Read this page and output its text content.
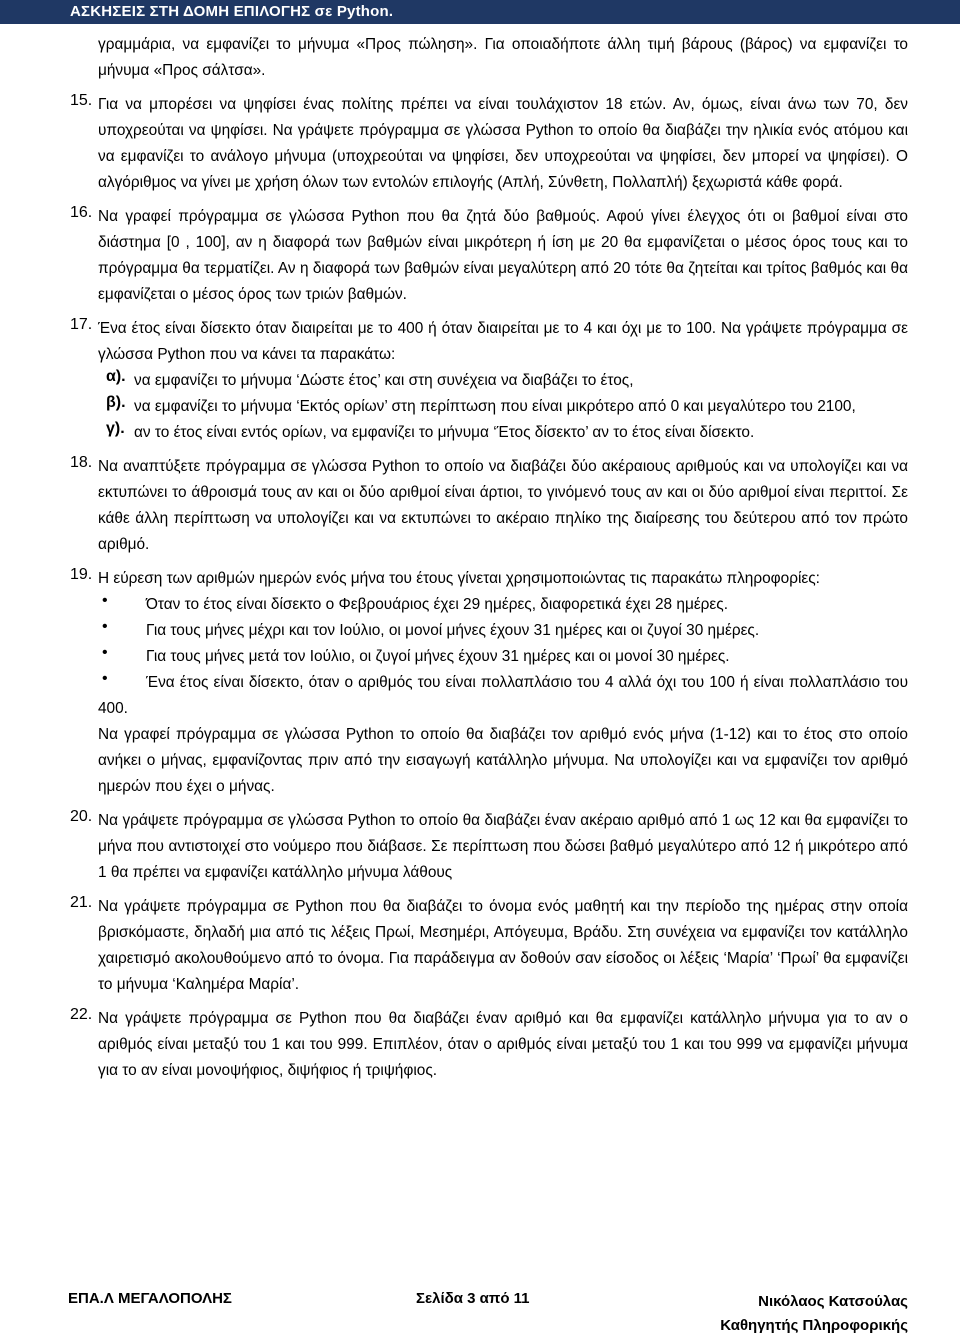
ΑΣΚΗΣΕΙΣ ΣΤΗ ΔΟΜΗ ΕΠΙΛΟΓΗΣ σε Python.

γραμμάρια, να εμφανίζει το μήνυμα «Προς πώληση». Για οποιαδήποτε άλλη τιμή βάρους (βάρος) να εμφανίζει το μήνυμα «Προς σάλτσα».

15. Για να μπορέσει να ψηφίσει ένας πολίτης πρέπει να είναι τουλάχιστον 18 ετών. Αν, όμως, είναι άνω των 70, δεν υποχρεούται να ψηφίσει. Να γράψετε πρόγραμμα σε γλώσσα Python το οποίο θα διαβάζει την ηλικία ενός ατόμου και να εμφανίζει το ανάλογο μήνυμα (υποχρεούται να ψηφίσει, δεν υποχρεούται να ψηφίσει, δεν μπορεί να ψηφίσει). Ο αλγόριθμος να γίνει με χρήση όλων των εντολών επιλογής (Απλή, Σύνθετη, Πολλαπλή) ξεχωριστά κάθε φορά.

16. Να γραφεί πρόγραμμα σε γλώσσα Python που θα ζητά δύο βαθμούς. Αφού γίνει έλεγχος ότι οι βαθμοί είναι στο διάστημα [0 , 100], αν η διαφορά των βαθμών είναι μικρότερη ή ίση με 20 θα εμφανίζεται ο μέσος όρος τους και το πρόγραμμα θα τερματίζει. Αν η διαφορά των βαθμών είναι μεγαλύτερη από 20 τότε θα ζητείται και τρίτος βαθμός και θα εμφανίζεται ο μέσος όρος των τριών βαθμών.

17. Ένα έτος είναι δίσεκτο όταν διαιρείται με το 400 ή όταν διαιρείται με το 4 και όχι με το 100. Να γράψετε πρόγραμμα σε γλώσσα Python που να κάνει τα παρακάτω:

α). να εμφανίζει το μήνυμα ‘Δώστε έτος’ και στη συνέχεια να διαβάζει το έτος,

β). να εμφανίζει το μήνυμα ‘Εκτός ορίων’ στη περίπτωση που είναι μικρότερο από 0 και μεγαλύτερο του 2100,

γ). αν το έτος είναι εντός ορίων, να εμφανίζει το μήνυμα ‘Έτος δίσεκτο’ αν το έτος είναι δίσεκτο.

18. Να αναπτύξετε πρόγραμμα σε γλώσσα Python το οποίο να διαβάζει δύο ακέραιους αριθμούς και να υπολογίζει και να εκτυπώνει το άθροισμά τους αν και οι δύο αριθμοί είναι άρτιοι, το γινόμενό τους αν και οι δύο αριθμοί είναι περιττοί. Σε κάθε άλλη περίπτωση να υπολογίζει και να εκτυπώνει το ακέραιο πηλίκο της διαίρεσης του δεύτερου από τον πρώτο αριθμό.

19. Η εύρεση των αριθμών ημερών ενός μήνα του έτους γίνεται χρησιμοποιώντας τις παρακάτω πληροφορίες:

• Όταν το έτος είναι δίσεκτο ο Φεβρουάριος έχει 29 ημέρες, διαφορετικά έχει 28 ημέρες.

• Για τους μήνες μέχρι και τον Ιούλιο, οι μονοί μήνες έχουν 31 ημέρες και οι ζυγοί 30 ημέρες.

• Για τους μήνες μετά τον Ιούλιο, οι ζυγοί μήνες έχουν 31 ημέρες και οι μονοί 30 ημέρες.

•	Ένα έτος είναι δίσεκτο, όταν ο αριθμός του είναι πολλαπλάσιο του 4 αλλά όχι του 100 ή είναι πολλαπλάσιο του 400.

Να γραφεί πρόγραμμα σε γλώσσα Python το οποίο θα διαβάζει τον αριθμό ενός μήνα (1-12) και το έτος στο οποίο ανήκει ο μήνας, εμφανίζοντας πριν από την εισαγωγή κατάλληλο μήνυμα. Να υπολογίζει και να εμφανίζει τον αριθμό ημερών που έχει ο μήνας.

20. Να γράψετε πρόγραμμα σε γλώσσα Python το οποίο θα διαβάζει έναν ακέραιο αριθμό από 1 ως 12 και θα εμφανίζει το μήνα που αντιστοιχεί στο νούμερο που διάβασε. Σε περίπτωση που δώσει βαθμό μεγαλύτερο από 12 ή μικρότερο από 1 θα πρέπει να εμφανίζει κατάλληλο μήνυμα λάθους

21. Να γράψετε πρόγραμμα σε Python που θα διαβάζει το όνομα ενός μαθητή και την περίοδο της ημέρας στην οποία βρισκόμαστε, δηλαδή μια από τις λέξεις Πρωί, Μεσημέρι, Απόγευμα, Βράδυ. Στη συνέχεια να εμφανίζει τον κατάλληλο χαιρετισμό ακολουθούμενο από το όνομα. Για παράδειγμα αν δοθούν σαν είσοδος οι λέξεις ‘Μαρία’ ‘Πρωί’ θα εμφανίζει το μήνυμα ‘Καλημέρα Μαρία’.

22. Να γράψετε πρόγραμμα σε Python που θα διαβάζει έναν αριθμό και θα εμφανίζει κατάλληλο μήνυμα για το αν ο αριθμός είναι μεταξύ του 1 και του 999. Επιπλέον, όταν ο αριθμός είναι μεταξύ του 1 και του 999 να εμφανίζει μήνυμα για το αν είναι μονοψήφιος, διψήφιος ή τριψήφιος.

ΕΠΑ.Λ ΜΕΓΑΛΟΠΟΛΗΣ	Σελίδα 3 από 11	Νικόλαος Κατσούλας
Καθηγητής Πληροφορικής
